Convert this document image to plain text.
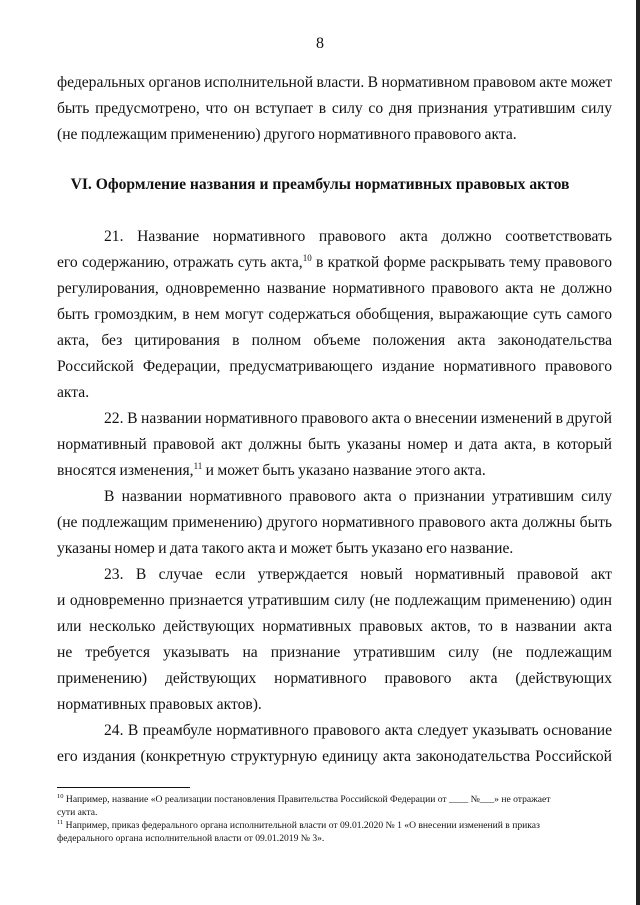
8
федеральных органов исполнительной власти. В нормативном правовом акте может
быть предусмотрено, что он вступает в силу со дня признания утратившим силу
(не подлежащим применению) другого нормативного правового акта.
21. Название нормативного правового акта должно соответствовать
его содержанию, отражать суть акта,$^{10}$ в краткой форме раскрывать тему правового
регулирования, одновременно название нормативного правового акта не должно
быть громоздким, в нем могут содержаться обобщения, выражающие суть самого
акта, без цитирования в полном объеме положения акта законодательства
Российской Федерации, предусматривающего издание нормативного правового
акта.
22. В названии нормативного правового акта о внесении изменений в другой
нормативный правовой акт должны быть указаны номер и дата акта, в который
вносятся изменения,$^{11}$ и может быть указано название этого акта.
В названии нормативного правового акта о признании утратившим силу
(не подлежащим применению) другого нормативного правового акта должны быть
указаны номер и дата такого акта и может быть указано его название.
23. В случае если утверждается новый нормативный правовой акт
и одновременно признается утратившим силу (не подлежащим применению) один
или несколько действующих нормативных правовых актов, то в названии акта
не требуется указывать на признание утратившим силу (не подлежащим
применению) действующих нормативного правового акта (действующих
нормативных правовых актов).
24. В преамбуле нормативного правового акта следует указывать основание
его издания (конкретную структурную единицу акта законодательства Российской
VI. Оформление названия и преамбулы нормативных правовых актов
$^{10}$ Например, название «О реализации постановления Правительства Российской Федерации от ____ №___» не отражает
сути акта.
$^{11}$ Например, приказ федерального органа исполнительной власти от 09.01.2020 № 1 «О внесении изменений в приказ
федерального органа исполнительной власти от 09.01.2019 № 3».
